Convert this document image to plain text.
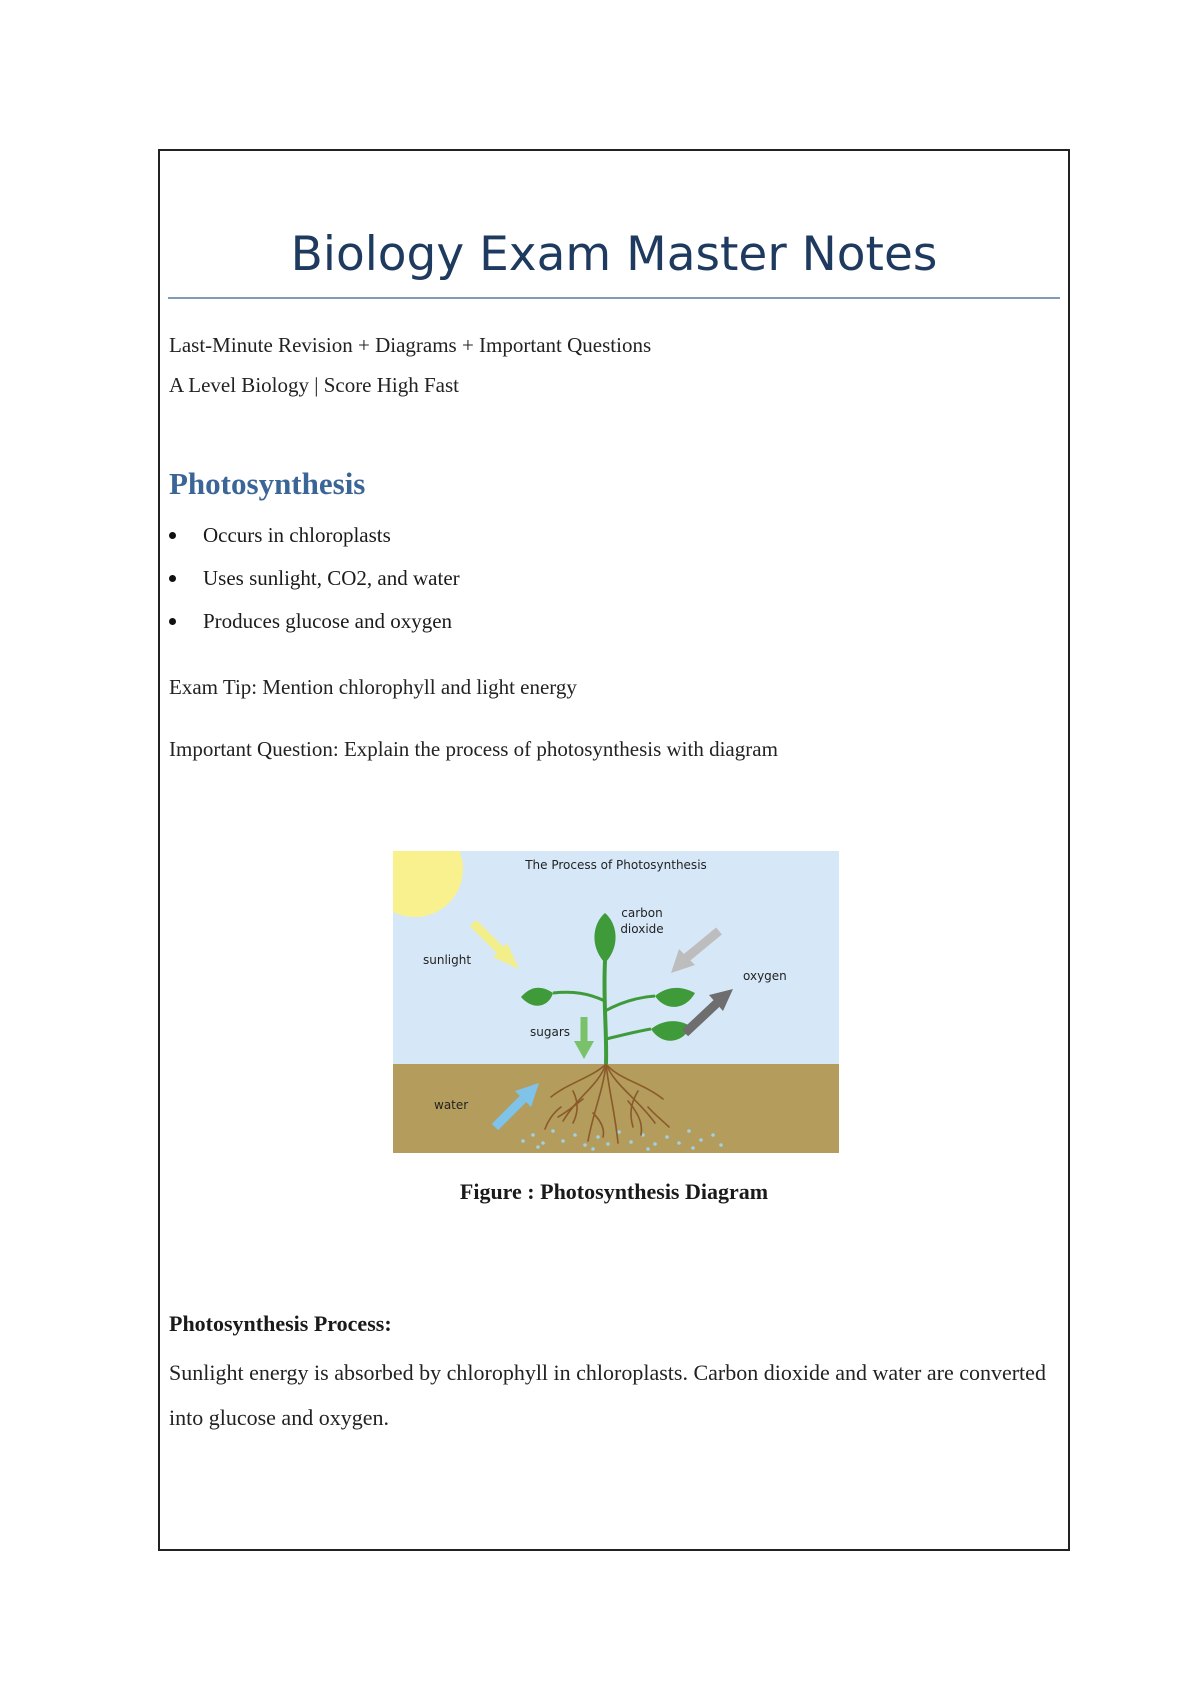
Biology Exam Master Notes

Last-Minute Revision + Diagrams + Important Questions

A Level Biology | Score High Fast

Photosynthesis
Occurs in chloroplasts
Uses sunlight, CO2, and water
Produces glucose and oxygen

Exam Tip: Mention chlorophyll and light energy

Important Question: Explain the process of photosynthesis with diagram

The Process of Photosynthesis
sunlight
carbon
dioxide
oxygen
sugars
water

Figure : Photosynthesis Diagram

Photosynthesis Process:

Sunlight energy is absorbed by chlorophyll in chloroplasts. Carbon dioxide and water are converted into glucose and oxygen.
